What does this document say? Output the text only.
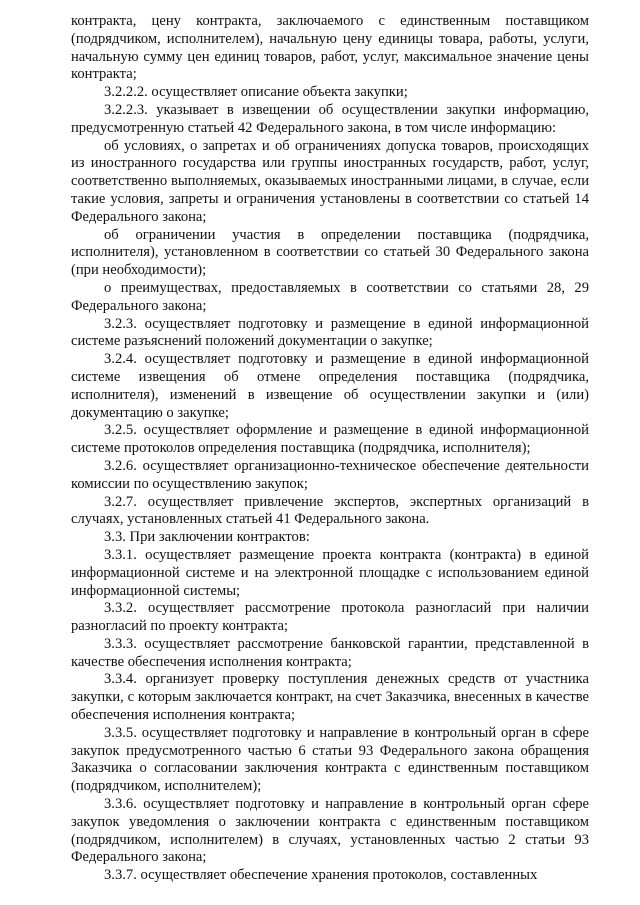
контракта, цену контракта, заключаемого с единственным поставщиком (подрядчиком, исполнителем), начальную цену единицы товара, работы, услуги, начальную сумму цен единиц товаров, работ, услуг, максимальное значение цены контракта;

3.2.2.2. осуществляет описание объекта закупки;

3.2.2.3. указывает в извещении об осуществлении закупки информацию, предусмотренную статьей 42 Федерального закона, в том числе информацию:

об условиях, о запретах и об ограничениях допуска товаров, происходящих из иностранного государства или группы иностранных государств, работ, услуг, соответственно выполняемых, оказываемых иностранными лицами, в случае, если такие условия, запреты и ограничения установлены в соответствии со статьей 14 Федерального закона;

об ограничении участия в определении поставщика (подрядчика, исполнителя), установленном в соответствии со статьей 30 Федерального закона (при необходимости);

о преимуществах, предоставляемых в соответствии со статьями 28, 29 Федерального закона;

3.2.3. осуществляет подготовку и размещение в единой информационной системе разъяснений положений документации о закупке;

3.2.4. осуществляет подготовку и размещение в единой информационной системе извещения об отмене определения поставщика (подрядчика, исполнителя), изменений в извещение об осуществлении закупки и (или) документацию о закупке;

3.2.5. осуществляет оформление и размещение в единой информационной системе протоколов определения поставщика (подрядчика, исполнителя);

3.2.6. осуществляет организационно-техническое обеспечение деятельности комиссии по осуществлению закупок;

3.2.7. осуществляет привлечение экспертов, экспертных организаций в случаях, установленных статьей 41 Федерального закона.

3.3. При заключении контрактов:

3.3.1. осуществляет размещение проекта контракта (контракта) в единой информационной системе и на электронной площадке с использованием единой информационной системы;

3.3.2. осуществляет рассмотрение протокола разногласий при наличии разногласий по проекту контракта;

3.3.3. осуществляет рассмотрение банковской гарантии, представленной в качестве обеспечения исполнения контракта;

3.3.4. организует проверку поступления денежных средств от участника закупки, с которым заключается контракт, на счет Заказчика, внесенных в качестве обеспечения исполнения контракта;

3.3.5. осуществляет подготовку и направление в контрольный орган в сфере закупок предусмотренного частью 6 статьи 93 Федерального закона обращения Заказчика о согласовании заключения контракта с единственным поставщиком (подрядчиком, исполнителем);

3.3.6. осуществляет подготовку и направление в контрольный орган сфере закупок уведомления о заключении контракта с единственным поставщиком (подрядчиком, исполнителем) в случаях, установленных частью 2 статьи 93 Федерального закона;

3.3.7. осуществляет обеспечение хранения протоколов, составленных
